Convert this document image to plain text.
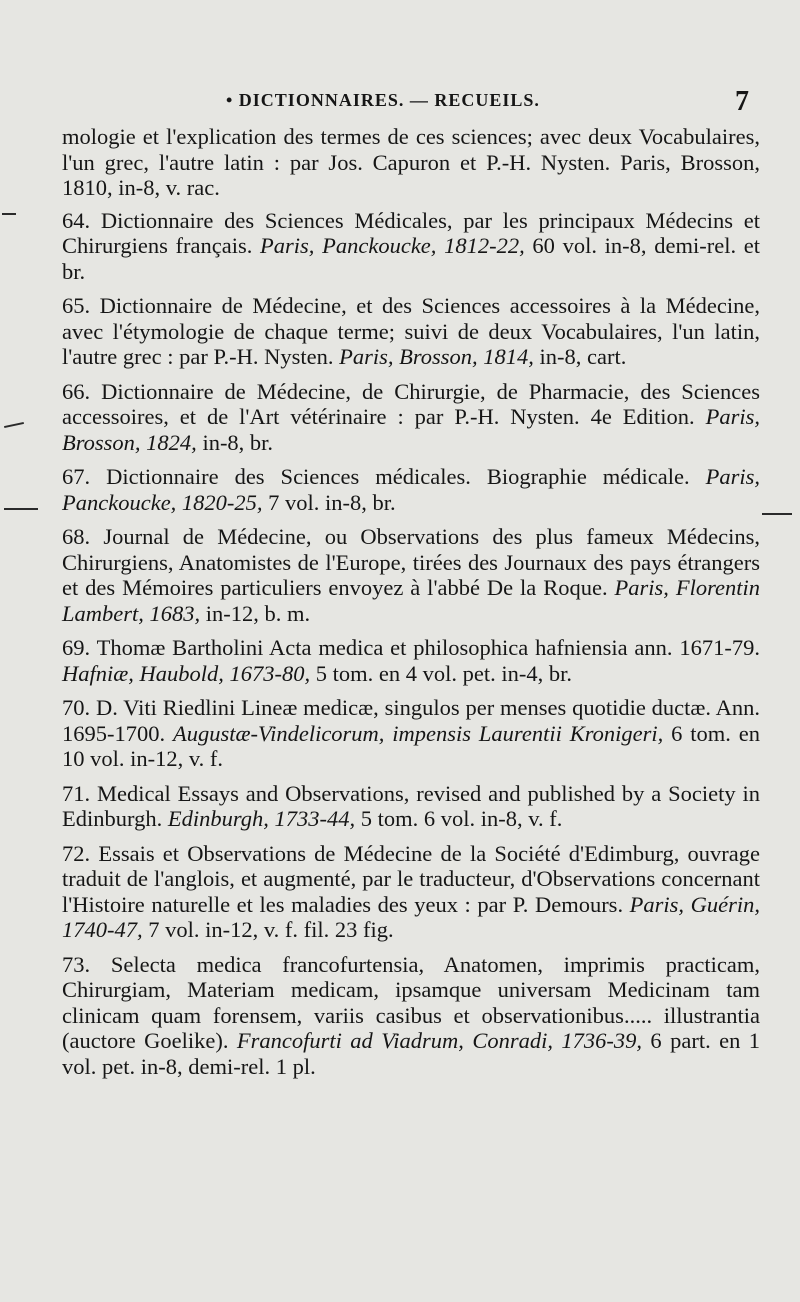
• DICTIONNAIRES. — RECUEILS.	7

mologie et l'explication des termes de ces sciences; avec deux Vocabulaires, l'un grec, l'autre latin : par Jos. Capuron et P.-H. Nysten. Paris, Brosson, 1810, in-8, v. rac.

64. Dictionnaire des Sciences Médicales, par les principaux Médecins et Chirurgiens français. Paris, Panckoucke, 1812-22, 60 vol. in-8, demi-rel. et br.

65. Dictionnaire de Médecine, et des Sciences accessoires à la Médecine, avec l'étymologie de chaque terme; suivi de deux Vocabulaires, l'un latin, l'autre grec : par P.-H. Nysten. Paris, Brosson, 1814, in-8, cart.

66. Dictionnaire de Médecine, de Chirurgie, de Pharmacie, des Sciences accessoires, et de l'Art vétérinaire : par P.-H. Nysten. 4e Edition. Paris, Brosson, 1824, in-8, br.

67. Dictionnaire des Sciences médicales. Biographie médicale. Paris, Panckoucke, 1820-25, 7 vol. in-8, br.

68. Journal de Médecine, ou Observations des plus fameux Médecins, Chirurgiens, Anatomistes de l'Europe, tirées des Journaux des pays étrangers et des Mémoires particuliers envoyez à l'abbé De la Roque. Paris, Florentin Lambert, 1683, in-12, b. m.

69. Thomæ Bartholini Acta medica et philosophica hafniensia ann. 1671-79. Hafniæ, Haubold, 1673-80, 5 tom. en 4 vol. pet. in-4, br.

70. D. Viti Riedlini Lineæ medicæ, singulos per menses quotidie ductæ. Ann. 1695-1700. Augustæ-Vindelicorum, impensis Laurentii Kronigeri, 6 tom. en 10 vol. in-12, v. f.

71. Medical Essays and Observations, revised and published by a Society in Edinburgh. Edinburgh, 1733-44, 5 tom. 6 vol. in-8, v. f.

72. Essais et Observations de Médecine de la Société d'Edimburg, ouvrage traduit de l'anglois, et augmenté, par le traducteur, d'Observations concernant l'Histoire naturelle et les maladies des yeux : par P. Demours. Paris, Guérin, 1740-47, 7 vol. in-12, v. f. fil. 23 fig.

73. Selecta medica francofurtensia, Anatomen, imprimis practicam, Chirurgiam, Materiam medicam, ipsamque universam Medicinam tam clinicam quam forensem, variis casibus et observationibus..... illustrantia (auctore Goelike). Francofurti ad Viadrum, Conradi, 1736-39, 6 part. en 1 vol. pet. in-8, demi-rel. 1 pl.
